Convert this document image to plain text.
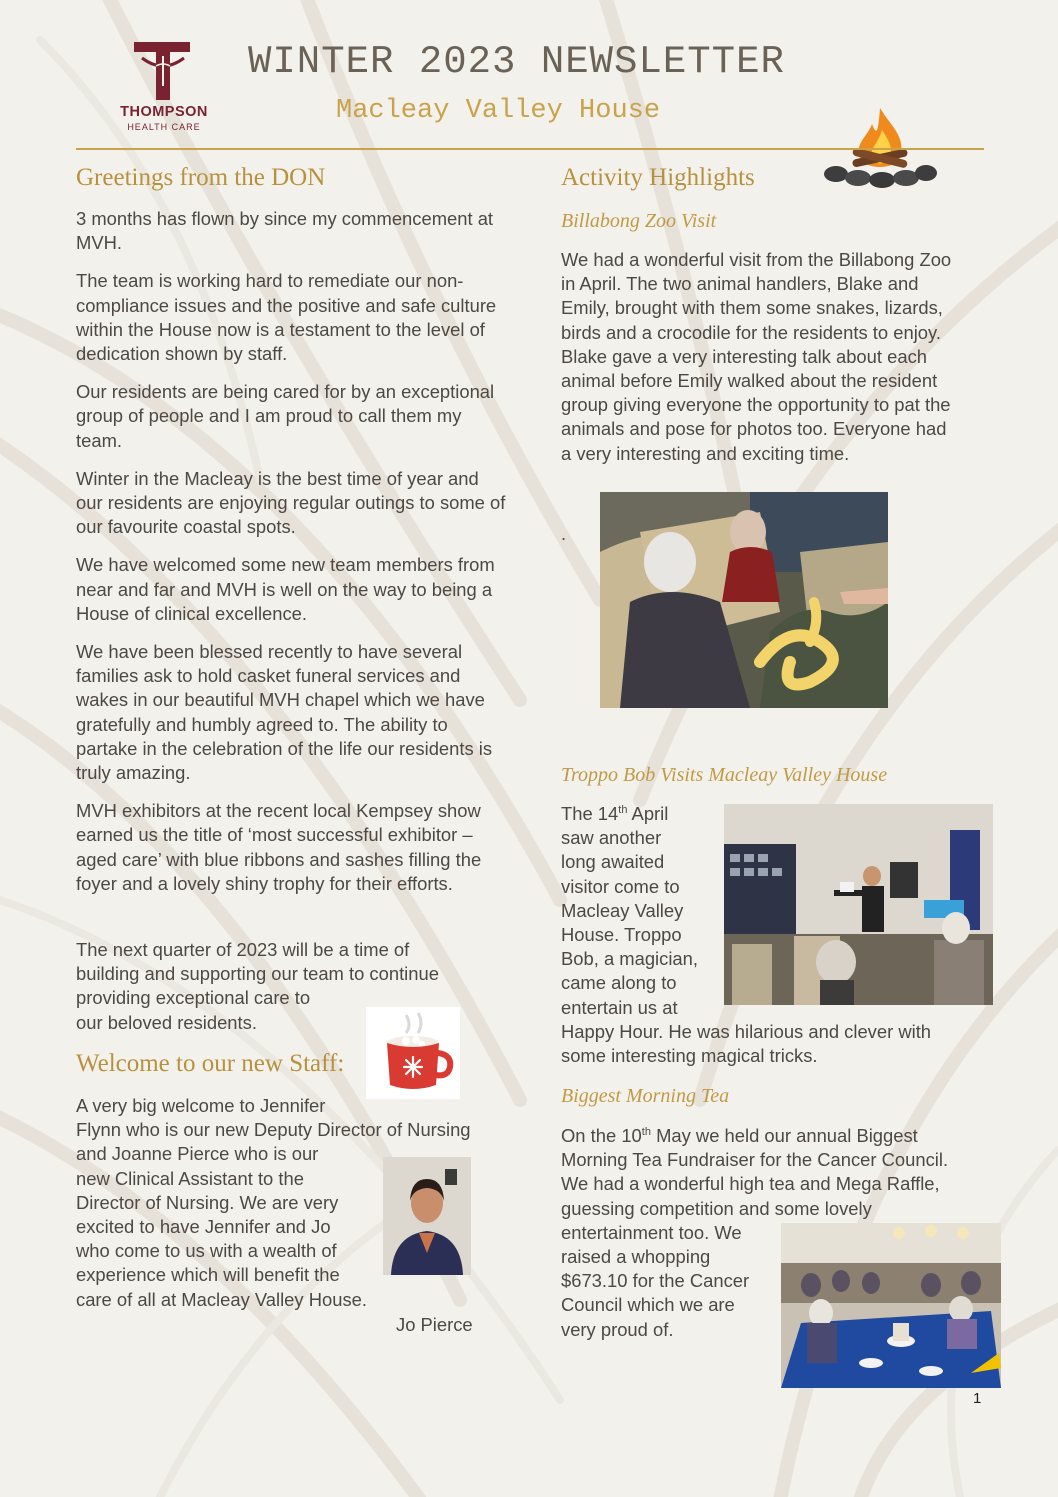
THOMPSON
HEALTH CARE
WINTER 2023 NEWSLETTER
Macleay Valley House
Greetings from the DON

3 months has flown by since my commencement at MVH.

The team is working hard to remediate our non-compliance issues and the positive and safe culture within the House now is a testament to the level of dedication shown by staff.

Our residents are being cared for by an exceptional group of people and I am proud to call them my team.

Winter in the Macleay is the best time of year and our residents are enjoying regular outings to some of our favourite coastal spots.

We have welcomed some new team members from near and far and MVH is well on the way to being a House of clinical excellence.

We have been blessed recently to have several families ask to hold casket funeral services and wakes in our beautiful MVH chapel which we have gratefully and humbly agreed to. The ability to partake in the celebration of the life our residents is truly amazing.

MVH exhibitors at the recent local Kempsey show earned us the title of ‘most successful exhibitor – aged care’ with blue ribbons and sashes filling the foyer and a lovely shiny trophy for their efforts.

The next quarter of 2023 will be a time of
building and supporting our team to continue
providing exceptional care to
our beloved residents.
Welcome to our new Staff:
A very big welcome to Jennifer
Flynn who is our new Deputy Director of Nursing
and Joanne Pierce who is our
new Clinical Assistant to the
Director of Nursing. We are very
excited to have Jennifer and Jo
who come to us with a wealth of
experience which will benefit the
care of all at Macleay Valley House.
Jo Pierce
Activity Highlights
Billabong Zoo Visit
We had a wonderful visit from the Billabong Zoo
in April. The two animal handlers, Blake and
Emily, brought with them some snakes, lizards,
birds and a crocodile for the residents to enjoy.
Blake gave a very interesting talk about each
animal before Emily walked about the resident
group giving everyone the opportunity to pat the
animals and pose for photos too. Everyone had
a very interesting and exciting time.
.
Troppo Bob Visits Macleay Valley House
The 14th April
saw another
long awaited
visitor come to
Macleay Valley
House. Troppo
Bob, a magician,
came along to
entertain us at
Happy Hour. He was hilarious and clever with
some interesting magical tricks.
Biggest Morning Tea
On the 10th May we held our annual Biggest
Morning Tea Fundraiser for the Cancer Council.
We had a wonderful high tea and Mega Raffle,
guessing competition and some lovely
entertainment too. We
raised a whopping
$673.10 for the Cancer
Council which we are
very proud of.
1
